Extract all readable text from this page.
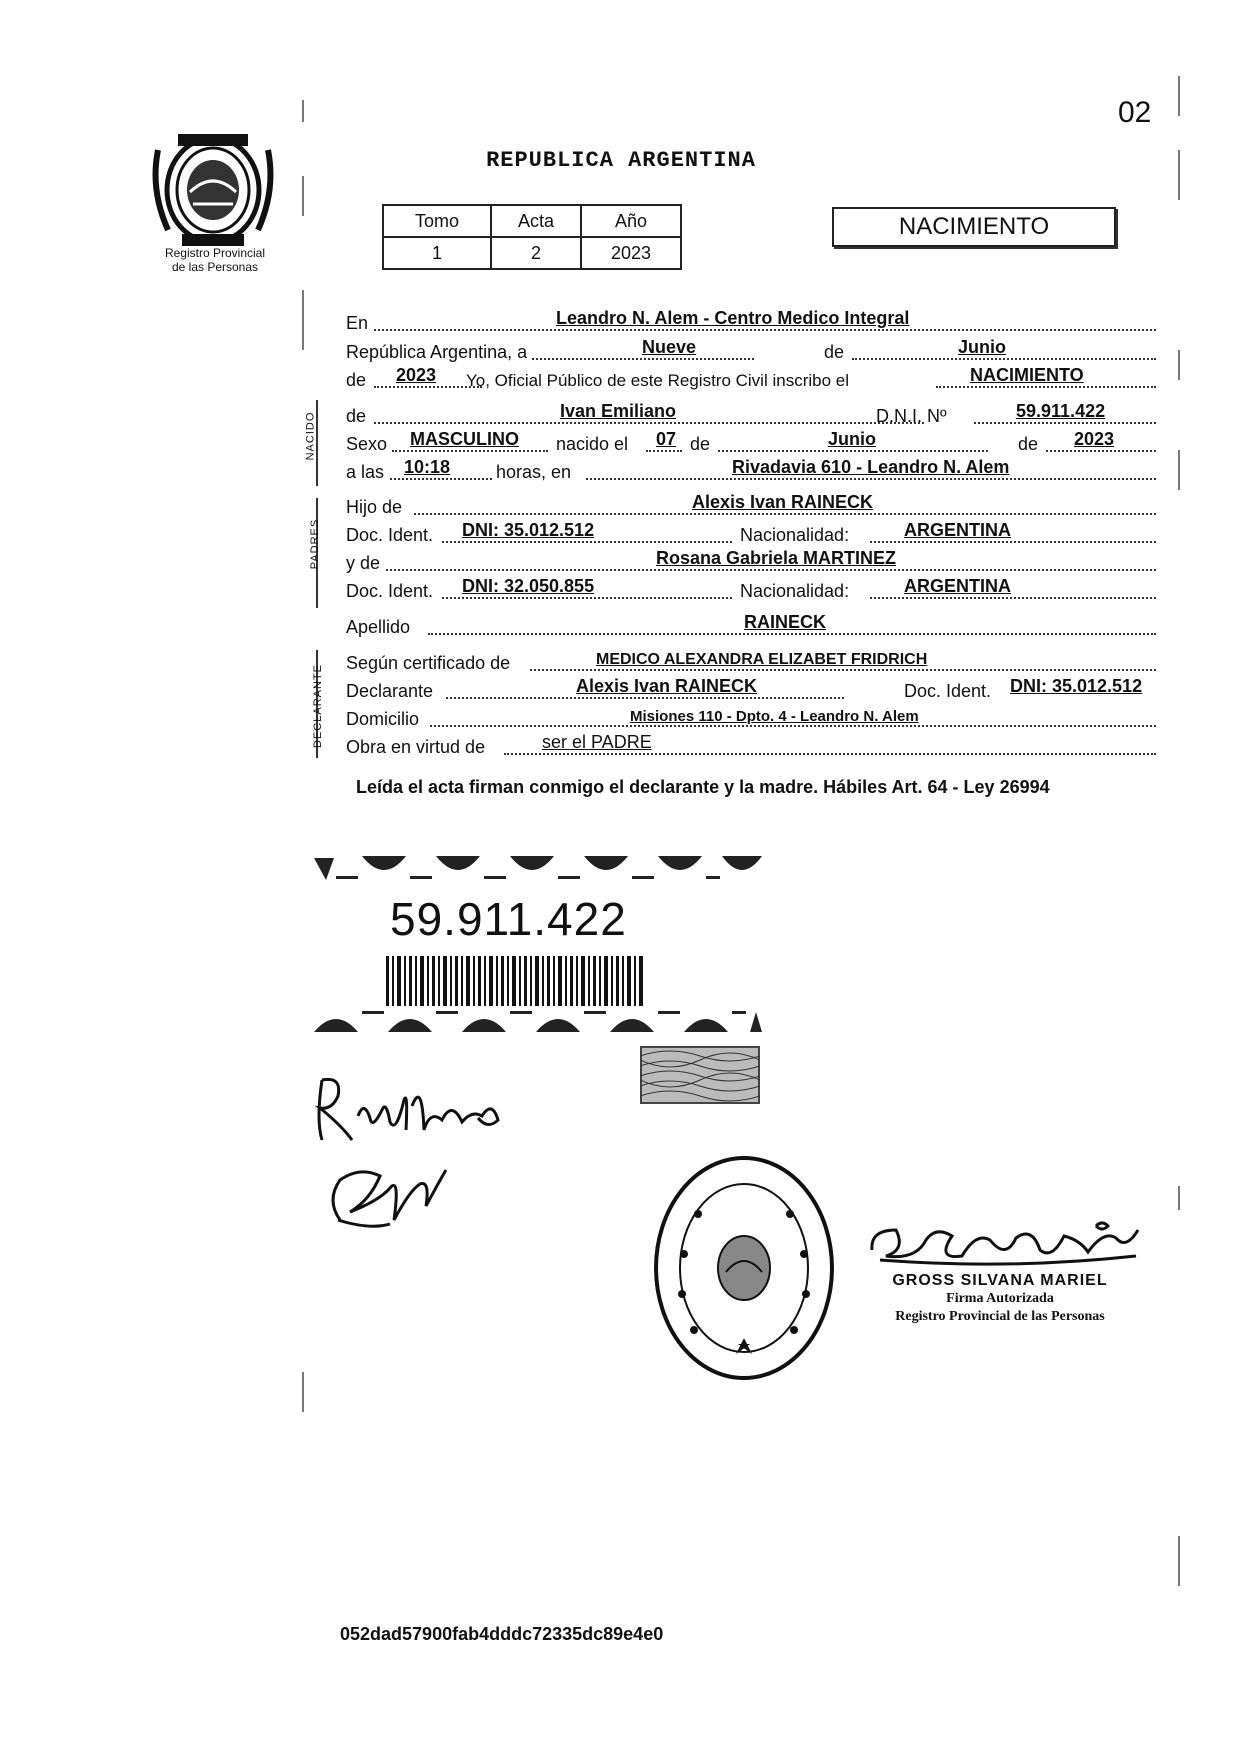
02
Registro Provincial
de las Personas
REPUBLICA ARGENTINA
Tomo	Acta	Año
1	2	2023
NACIMIENTO
En	Leandro N. Alem - Centro Medico Integral
República Argentina, a	Nueve	de	Junio
de 2023 Yo, Oficial Público de este Registro Civil inscribo el	NACIMIENTO
NACIDO de	Ivan Emiliano	D.N.I. Nº	59.911.422
Sexo MASCULINO nacido el 07 de	Junio	de 2023
a las 10:18	horas, en	Rivadavia 610 - Leandro N. Alem
PADRES
Hijo de	Alexis Ivan RAINECK
Doc. Ident. DNI: 35.012.512	Nacionalidad:	ARGENTINA
y de	Rosana Gabriela MARTINEZ
Doc. Ident. DNI: 32.050.855	Nacionalidad:	ARGENTINA
Apellido	RAINECK
DECLARANTE
Según certificado de	MEDICO ALEXANDRA ELIZABET FRIDRICH
Declarante	Alexis Ivan RAINECK	Doc. Ident. DNI: 35.012.512
Domicilio	Misiones 110 - Dpto. 4 - Leandro N. Alem
Obra en virtud de	ser el PADRE
Leída el acta firman conmigo el declarante y la madre. Hábiles Art. 64 - Ley 26994
59.911.422
GROSS SILVANA MARIEL
Firma Autorizada
Registro Provincial de las Personas
052dad57900fab4dddc72335dc89e4e0
